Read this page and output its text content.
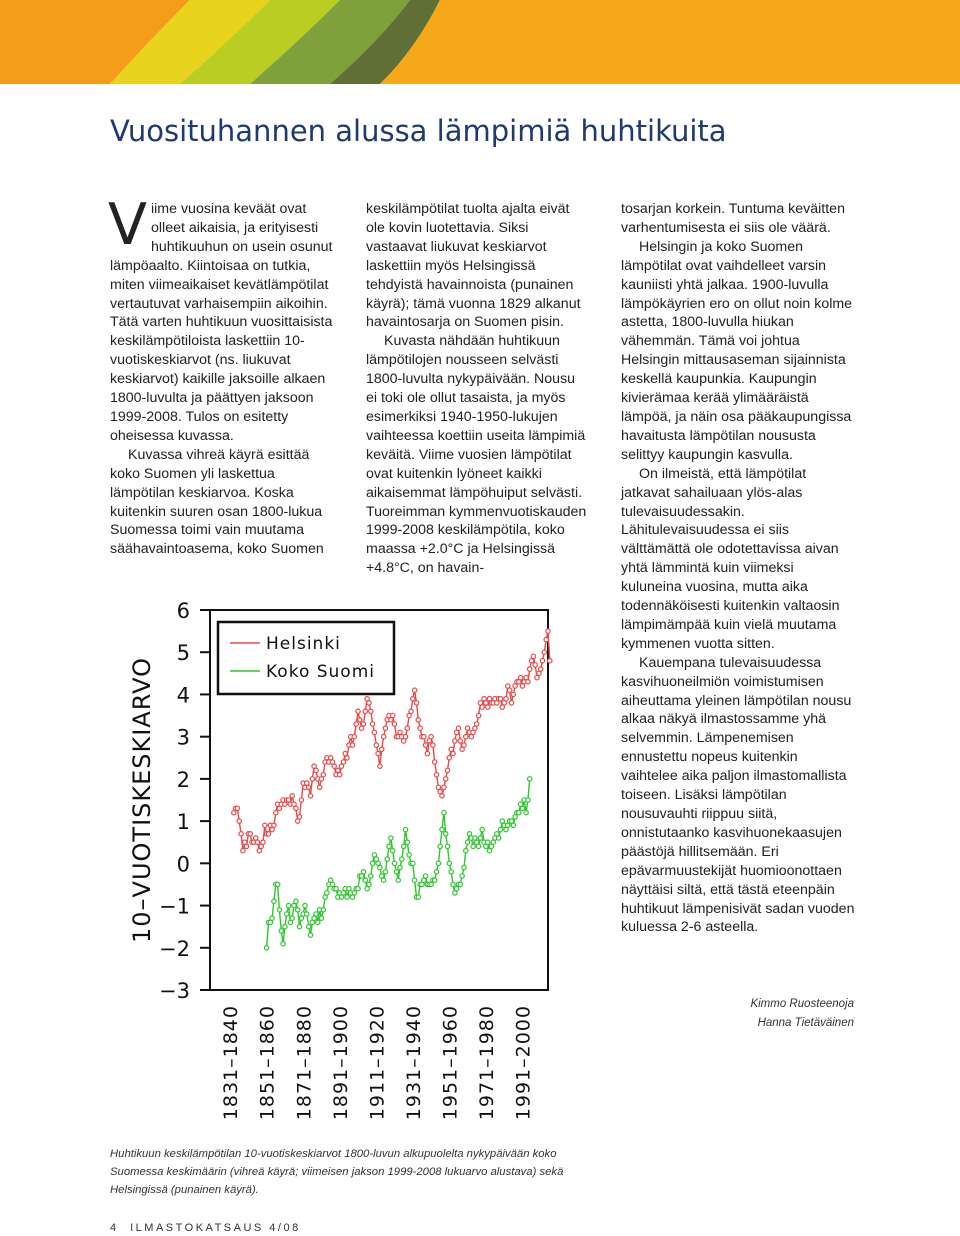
Vuosituhannen alussa lämpimiä huhtikuita

Viime vuosina keväät ovat olleet aikaisia, ja erityisesti huhtikuuhun on usein osunut lämpöaalto. Kiintoisaa on tutkia, miten viimeaikaiset kevätlämpötilat vertautuvat varhaisempiin aikoihin. Tätä varten huhtikuun vuosittaisista keskilämpötiloista laskettiin 10-vuotiskeskiarvot (ns. liukuvat keskiarvot) kaikille jaksoille alkaen 1800-luvulta ja päättyen jaksoon 1999-2008. Tulos on esitetty oheisessa kuvassa.

Kuvassa vihreä käyrä esittää koko Suomen yli laskettua lämpötilan keskiarvoa. Koska kuitenkin suuren osan 1800-lukua Suomessa toimi vain muutama säähavaintoasema, koko Suomen

keskilämpötilat tuolta ajalta eivät ole kovin luotettavia. Siksi vastaavat liukuvat keskiarvot laskettiin myös Helsingissä tehdyistä havainnoista (punainen käyrä); tämä vuonna 1829 alkanut havaintosarja on Suomen pisin.

Kuvasta nähdään huhtikuun lämpötilojen nousseen selvästi 1800-luvulta nykypäivään. Nousu ei toki ole ollut tasaista, ja myös esimerkiksi 1940-1950-lukujen vaihteessa koettiin useita lämpimiä keväitä. Viime vuosien lämpötilat ovat kuitenkin lyöneet kaikki aikaisemmat lämpöhuiput selvästi. Tuoreimman kymmenvuotiskauden 1999-2008 keskilämpötila, koko maassa +2.0°C ja Helsingissä +4.8°C, on havain-

tosarjan korkein. Tuntuma keväitten varhentumisesta ei siis ole väärä.

Helsingin ja koko Suomen lämpötilat ovat vaihdelleet varsin kauniisti yhtä jalkaa. 1900-luvulla lämpökäyrien ero on ollut noin kolme astetta, 1800-luvulla hiukan vähemmän. Tämä voi johtua Helsingin mittausaseman sijainnista keskellä kaupunkia. Kaupungin kivierämaa kerää ylimääräistä lämpöä, ja näin osa pääkaupungissa havaitusta lämpötilan noususta selittyy kaupungin kasvulla.

On ilmeistä, että lämpötilat jatkavat sahailuaan ylös-alas tulevaisuudessakin. Lähitulevaisuudessa ei siis välttämättä ole odotettavissa aivan yhtä lämmintä kuin viimeksi kuluneina vuosina, mutta aika todennäköisesti kuitenkin valtaosin lämpimämpää kuin vielä muutama kymmenen vuotta sitten.

Kauempana tulevaisuudessa kasvihuoneilmiön voimistumisen aiheuttama yleinen lämpötilan nousu alkaa näkyä ilmastossamme yhä selvemmin. Lämpenemisen ennustettu nopeus kuitenkin vaihtelee aika paljon ilmastomallista toiseen. Lisäksi lämpötilan nousuvauhti riippuu siitä, onnistutaanko kasvihuonekaasujen päästöjä hillitsemään. Eri epävarmuustekijät huomioonottaen näyttäisi siltä, että tästä eteenpäin huhtikuut lämpenisivät sadan vuoden kuluessa 2-6 asteella.

10–VUOTISKESKIARVO
−3
−2
−1
0
1
2
3
4
5
6
1831–1840 1851–1860 1871–1880 1891–1900 1911–1920 1931–1940 1951–1960 1971–1980 1991–2000
Helsinki
Koko Suomi
Kimmo Ruosteenoja
Hanna Tietäväinen
Huhtikuun keskilämpötilan 10-vuotiskeskiarvot 1800-luvun alkupuolelta nykypäivään koko Suomessa keskimäärin (vihreä käyrä; viimeisen jakson 1999-2008 lukuarvo alustava) sekä Helsingissä (punainen käyrä).
4 ILMASTOKATSAUS 4/08
